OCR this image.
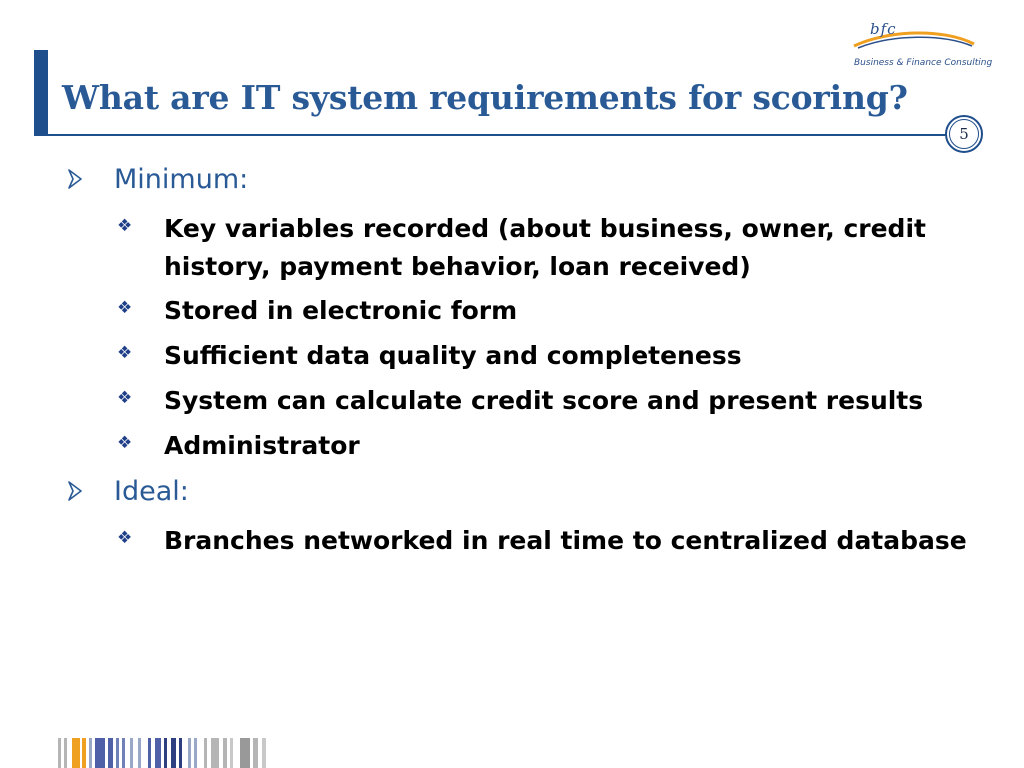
bfc
Business & Finance Consulting
What are IT system requirements for scoring?
5
Minimum:
❖ Key variables recorded (about business, owner, credit history, payment behavior, loan received)
❖ Stored in electronic form
❖ Sufficient data quality and completeness
❖ System can calculate credit score and present results
❖ Administrator
Ideal:
❖ Branches networked in real time to centralized database
